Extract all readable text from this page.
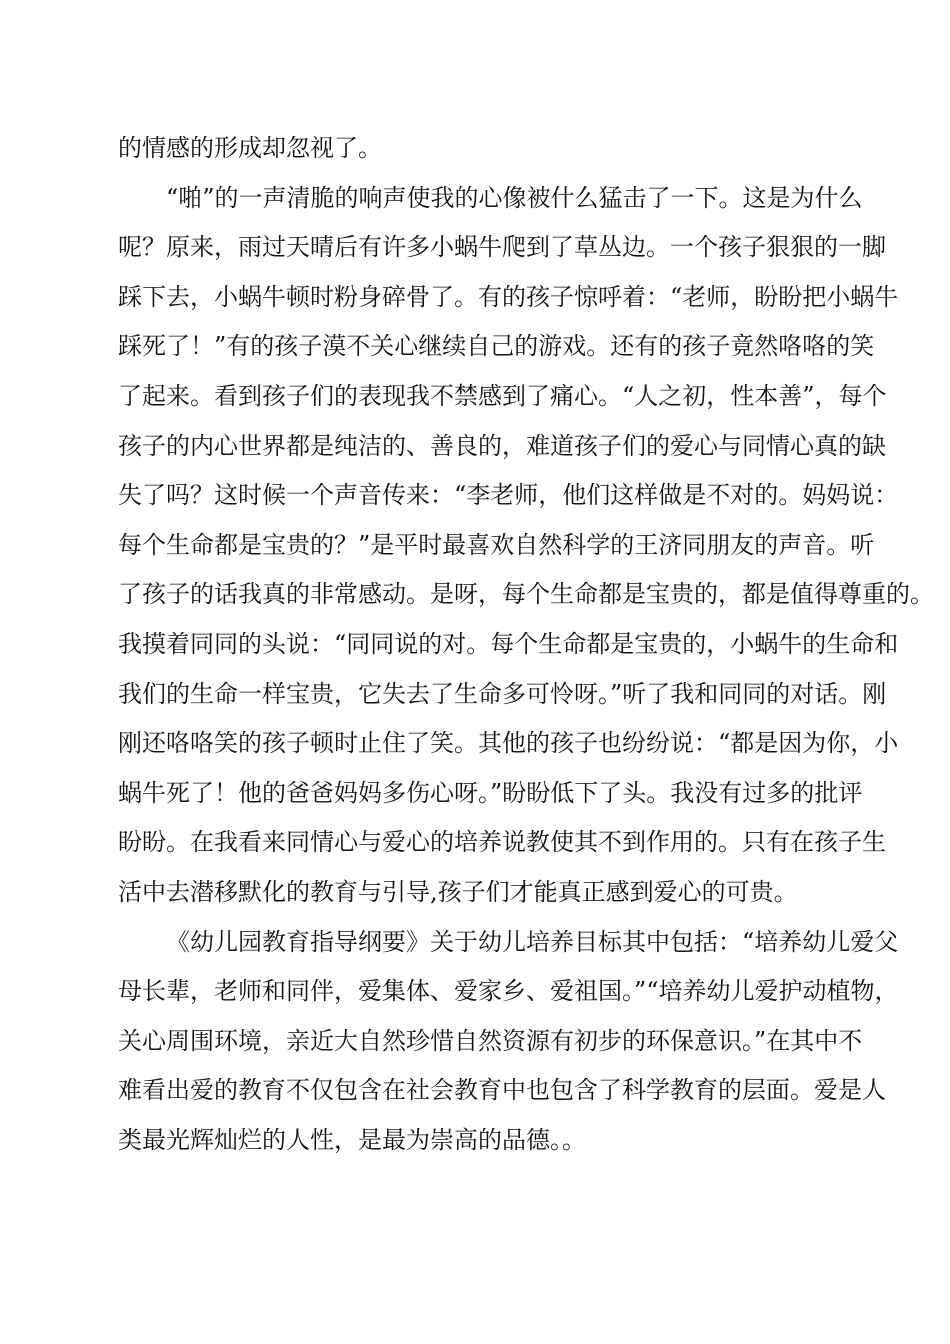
的情感的形成却忽视了。
“啪”的一声清脆的响声使我的心像被什么猛击了一下。这是为什么
呢？原来，雨过天晴后有许多小蜗牛爬到了草丛边。一个孩子狠狠的一脚
踩下去，小蜗牛顿时粉身碎骨了。有的孩子惊呼着：“老师，盼盼把小蜗牛
踩死了！”有的孩子漠不关心继续自己的游戏。还有的孩子竟然咯咯的笑
了起来。看到孩子们的表现我不禁感到了痛心。“人之初，性本善”，每个
孩子的内心世界都是纯洁的、善良的，难道孩子们的爱心与同情心真的缺
失了吗？这时候一个声音传来：“李老师，他们这样做是不对的。妈妈说：
每个生命都是宝贵的？”是平时最喜欢自然科学的王济同朋友的声音。听
了孩子的话我真的非常感动。是呀，每个生命都是宝贵的，都是值得尊重的。
我摸着同同的头说：“同同说的对。每个生命都是宝贵的，小蜗牛的生命和
我们的生命一样宝贵，它失去了生命多可怜呀。”听了我和同同的对话。刚
刚还咯咯笑的孩子顿时止住了笑。其他的孩子也纷纷说：“都是因为你，小
蜗牛死了！他的爸爸妈妈多伤心呀。”盼盼低下了头。我没有过多的批评
盼盼。在我看来同情心与爱心的培养说教使其不到作用的。只有在孩子生
活中去潜移默化的教育与引导,孩子们才能真正感到爱心的可贵。
《幼儿园教育指导纲要》关于幼儿培养目标其中包括：“培养幼儿爱父
母长辈，老师和同伴，爱集体、爱家乡、爱祖国。”“培养幼儿爱护动植物，
关心周围环境，亲近大自然珍惜自然资源有初步的环保意识。”在其中不
难看出爱的教育不仅包含在社会教育中也包含了科学教育的层面。爱是人
类最光辉灿烂的人性，是最为崇高的品德。。
